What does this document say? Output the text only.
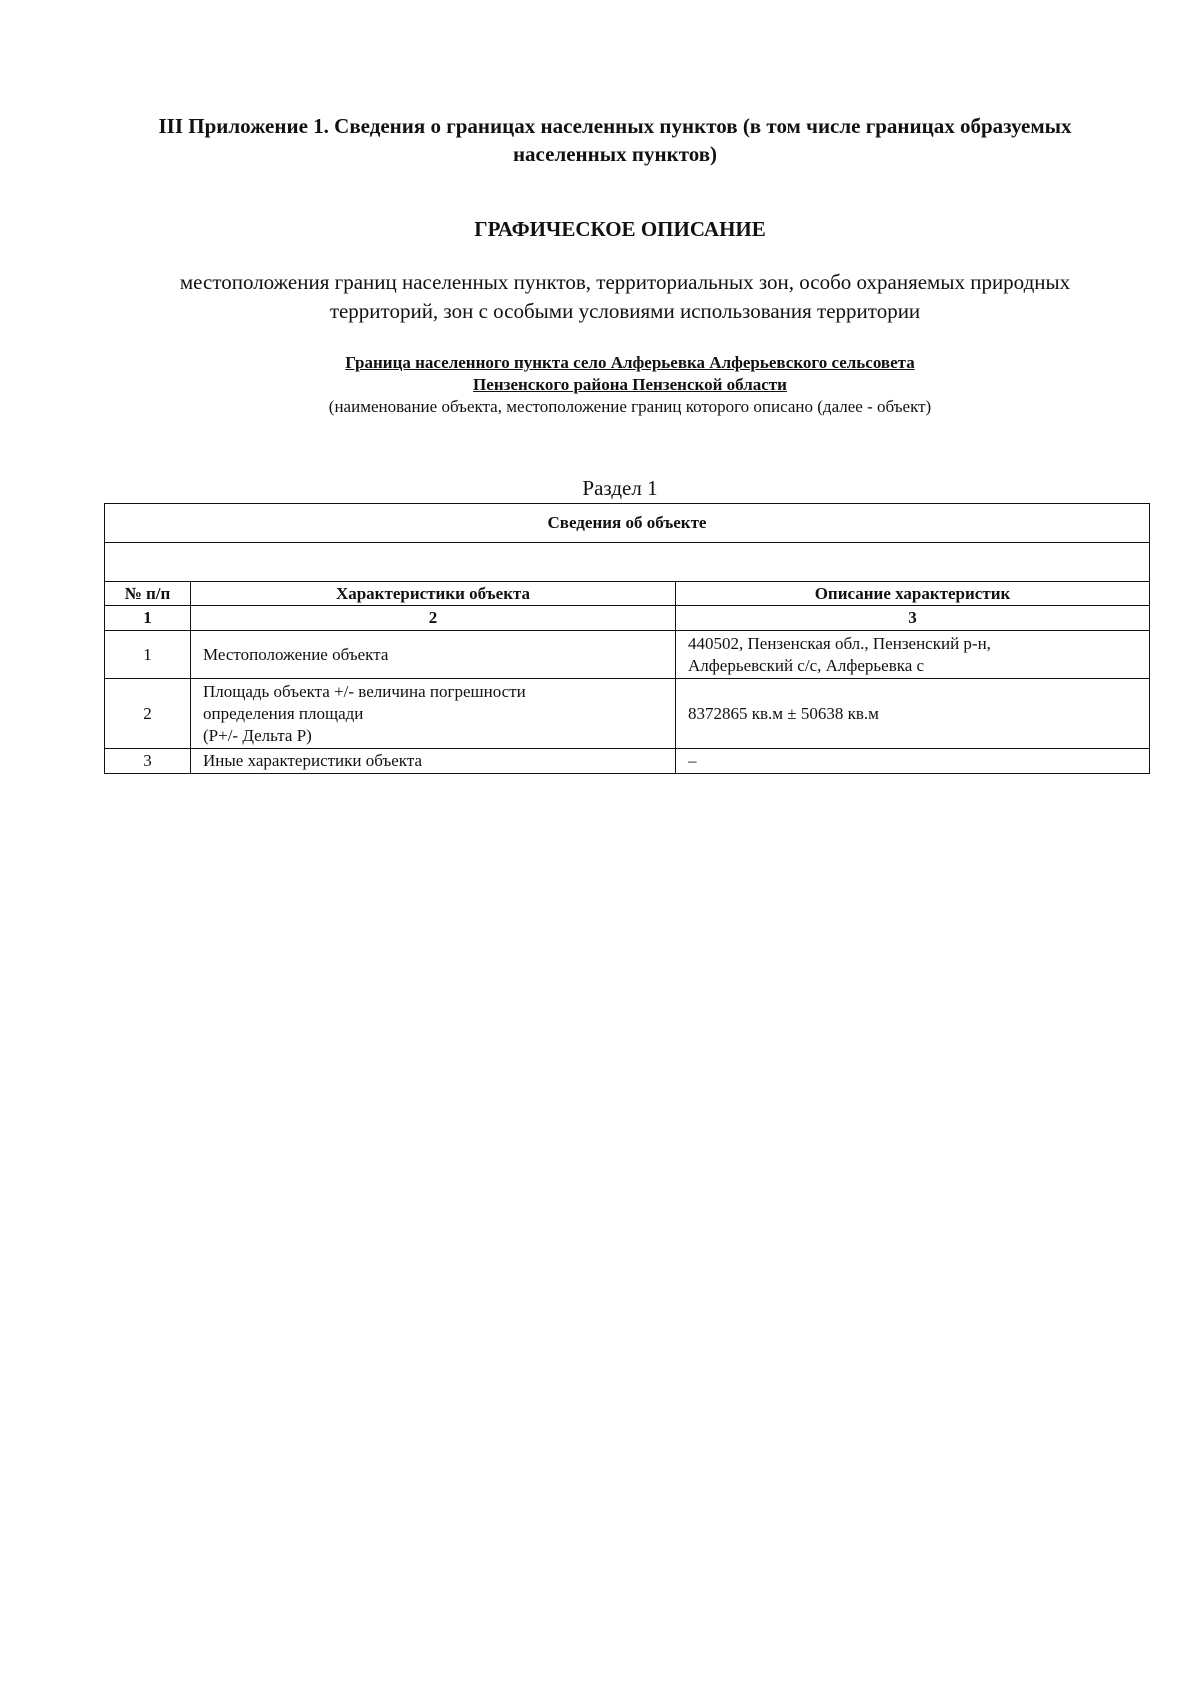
III Приложение 1. Сведения о границах населенных пунктов (в том числе границах образуемых
населенных пунктов)
ГРАФИЧЕСКОЕ ОПИСАНИЕ
местоположения границ населенных пунктов, территориальных зон, особо охраняемых природных
территорий, зон с особыми условиями использования территории
Граница населенного пункта село Алферьевка Алферьевского сельсовета
Пензенского района Пензенской области
(наименование объекта, местоположение границ которого описано (далее - объект)
Раздел 1
Сведения об объекте		

№ п/п	Характеристики объекта	Описание характеристик
1	2	3
1	Местоположение объекта	440502, Пензенская обл., Пензенский р-н,
Алферьевский с/с, Алферьевка с

2	Площадь объекта +/- величина погрешности
определения площади
(P+/- Дельта P)	8372865 кв.м ± 50638 кв.м

3	Иные характеристики объекта	–
